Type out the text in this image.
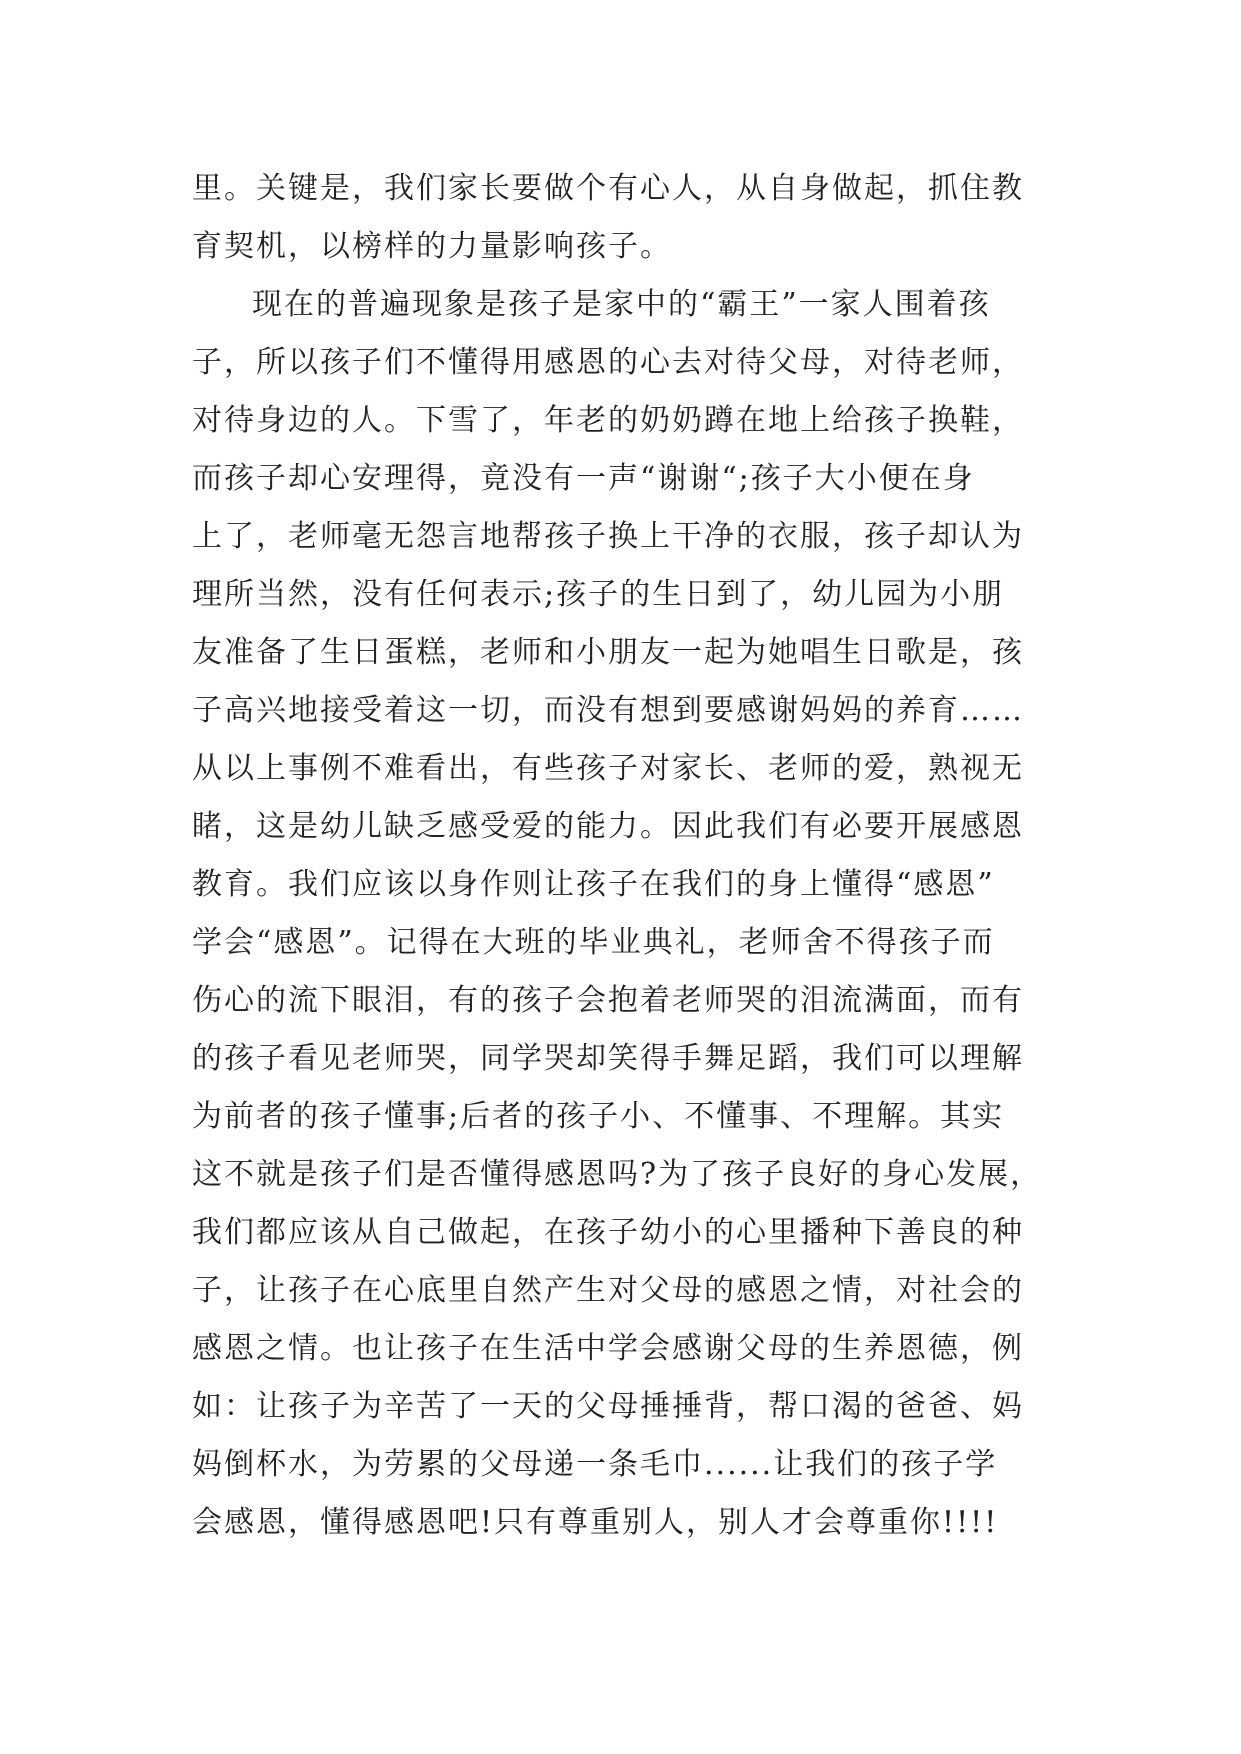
里。关键是，我们家长要做个有心人，从自身做起，抓住教
育契机，以榜样的力量影响孩子。
现在的普遍现象是孩子是家中的“霸王”一家人围着孩
子，所以孩子们不懂得用感恩的心去对待父母，对待老师，
对待身边的人。下雪了，年老的奶奶蹲在地上给孩子换鞋，
而孩子却心安理得，竟没有一声“谢谢“;孩子大小便在身
上了，老师毫无怨言地帮孩子换上干净的衣服，孩子却认为
理所当然，没有任何表示;孩子的生日到了，幼儿园为小朋
友准备了生日蛋糕，老师和小朋友一起为她唱生日歌是，孩
子高兴地接受着这一切，而没有想到要感谢妈妈的养育……
从以上事例不难看出，有些孩子对家长、老师的爱，熟视无
睹，这是幼儿缺乏感受爱的能力。因此我们有必要开展感恩
教育。我们应该以身作则让孩子在我们的身上懂得“感恩”
学会“感恩”。记得在大班的毕业典礼，老师舍不得孩子而
伤心的流下眼泪，有的孩子会抱着老师哭的泪流满面，而有
的孩子看见老师哭，同学哭却笑得手舞足蹈，我们可以理解
为前者的孩子懂事;后者的孩子小、不懂事、不理解。其实
这不就是孩子们是否懂得感恩吗?为了孩子良好的身心发展，
我们都应该从自己做起，在孩子幼小的心里播种下善良的种
子，让孩子在心底里自然产生对父母的感恩之情，对社会的
感恩之情。也让孩子在生活中学会感谢父母的生养恩德，例
如：让孩子为辛苦了一天的父母捶捶背，帮口渴的爸爸、妈
妈倒杯水，为劳累的父母递一条毛巾......让我们的孩子学
会感恩，懂得感恩吧!只有尊重别人，别人才会尊重你!!!!
